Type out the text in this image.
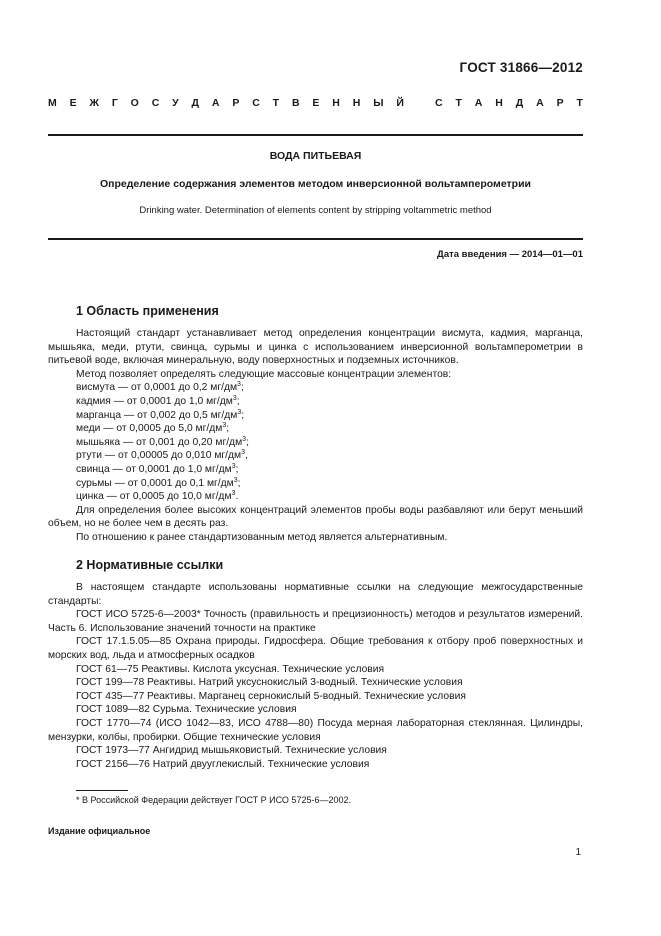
ГОСТ 31866—2012
М Е Ж Г О С У Д А Р С Т В Е Н Н Ы Й	С Т А Н Д А Р Т
ВОДА ПИТЬЕВАЯ
Определение содержания элементов методом инверсионной вольтамперометрии
Drinking water. Determination of elements content by stripping voltammetric method
Дата введения — 2014—01—01
1 Область применения

Настоящий стандарт устанавливает метод определения концентрации висмута, кадмия, марганца, мышьяка, меди, ртути, свинца, сурьмы и цинка с использованием инверсионной вольтамперометрии в питьевой воде, включая минеральную, воду поверхностных и подземных источников.

Метод позволяет определять следующие массовые концентрации элементов:

висмута — от 0,0001 до 0,2 $мг/дм^3$;

кадмия — от 0,0001 до 1,0 $мг/дм^3$;

марганца — от 0,002 до 0,5 $мг/дм^3$;

меди — от 0,0005 до 5,0 $мг/дм^3$;

мышьяка — от 0,001 до 0,20 $мг/дм^3$;

ртути — от 0,00005 до 0,010 $мг/дм^3$,

свинца — от 0,0001 до 1,0 $мг/дм^3$;

сурьмы — от 0,0001 до 0,1 $мг/дм^3$;

цинка — от 0,0005 до 10,0 $мг/дм^3$.

Для определения более высоких концентраций элементов пробы воды разбавляют или берут меньший объем, но не более чем в десять раз.

По отношению к ранее стандартизованным метод является альтернативным.

2 Нормативные ссылки

В настоящем стандарте использованы нормативные ссылки на следующие межгосударственные стандарты:

ГОСТ ИСО 5725-6—2003* Точность (правильность и прецизионность) методов и результатов измерений. Часть 6. Использование значений точности на практике

ГОСТ 17.1.5.05—85 Охрана природы. Гидросфера. Общие требования к отбору проб поверхностных и морских вод, льда и атмосферных осадков

ГОСТ 61—75 Реактивы. Кислота уксусная. Технические условия

ГОСТ 199—78 Реактивы. Натрий уксуснокислый 3-водный. Технические условия

ГОСТ 435—77 Реактивы. Марганец сернокислый 5-водный. Технические условия

ГОСТ 1089—82 Сурьма. Технические условия

ГОСТ 1770—74 (ИСО 1042—83, ИСО 4788—80) Посуда мерная лабораторная стеклянная. Цилиндры, мензурки, колбы, пробирки. Общие технические условия

ГОСТ 1973—77 Ангидрид мышьяковистый. Технические условия

ГОСТ 2156—76 Натрий двууглекислый. Технические условия

* В Российской Федерации действует ГОСТ Р ИСО 5725-6—2002.
Издание официальное
1
